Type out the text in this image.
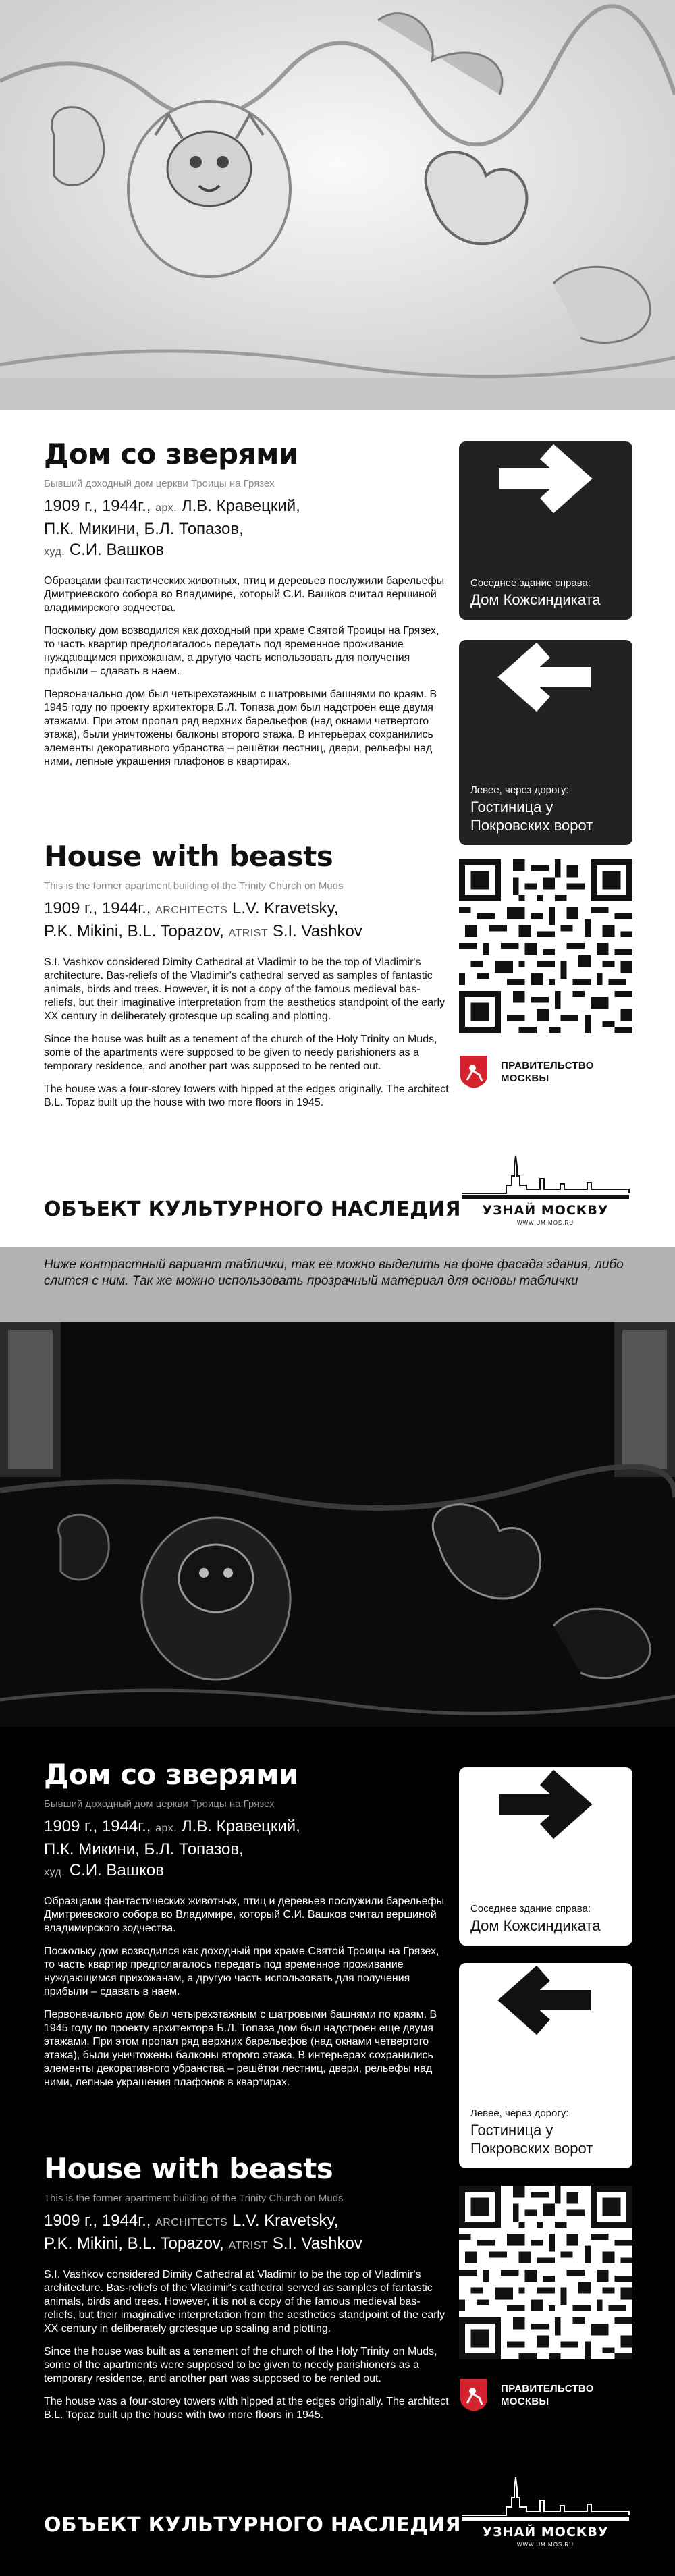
Дом со зверями
Бывший доходный дом церкви Троицы на Грязех
1909 г., 1944г., арх. Л.В. Кравецкий,
П.К. Микини, Б.Л. Топазов,
худ. С.И. Вашков

Образцами фантастических животных, птиц и деревьев послужили барельефы Дмитриевского собора во Владимире, который С.И. Вашков считал вершиной владимирского зодчества.

Поскольку дом возводился как доходный при храме Святой Троицы на Грязех, то часть квартир предполагалось передать под временное проживание нуждающимся прихожанам, а другую часть использовать для получения прибыли – сдавать в наем.

Первоначально дом был четырехэтажным с шатровыми башнями по краям. В 1945 году по проекту архитектора Б.Л. Топаза дом был надстроен еще двумя этажами. При этом пропал ряд верхних барельефов (над окнами четвертого этажа), были уничтожены балконы второго этажа. В интерьерах сохранились элементы декоративного убранства – решётки лестниц, двери, рельефы над ними, лепные украшения плафонов в квартирах.

House with beasts
This is the former apartment building of the Trinity Church on Muds
1909 г., 1944г., ARCHITECTS L.V. Kravetsky,
P.K. Mikini, B.L. Topazov, ATRIST S.I. Vashkov

S.I. Vashkov considered Dimity Cathedral at Vladimir to be the top of Vladimir's architecture. Bas-reliefs of the Vladimir's cathedral served as samples of fantastic animals, birds and trees. However, it is not a copy of the famous medieval bas-reliefs, but their imaginative interpretation from the aesthetics standpoint of the early XX century in deliberately grotesque up scaling and plotting.

Since the house was built as a tenement of the church of the Holy Trinity on Muds, some of the apartments were supposed to be given to needy parishioners as a temporary residence, and another part was supposed to be rented out.

The house was a four-storey towers with hipped at the edges originally. The architect B.L. Topaz built up the house with two more floors in 1945.

ОБЪЕКТ КУЛЬТУРНОГО НАСЛЕДИЯ
Соседнее здание справа:
Дом Кожсиндиката
Левее, через дорогу:
Гостиница у Покровских ворот
ПРАВИТЕЛЬСТВО
МОСКВЫ
УЗНАЙ МОСКВУ
WWW.UM.MOS.RU
Ниже контрастный вариант таблички, так её можно выделить на фоне фасада здания, либо слится с ним. Так же можно использовать прозрачный материал для основы таблички
Дом со зверями
Бывший доходный дом церкви Троицы на Грязех
1909 г., 1944г., арх. Л.В. Кравецкий,
П.К. Микини, Б.Л. Топазов,
худ. С.И. Вашков

Образцами фантастических животных, птиц и деревьев послужили барельефы Дмитриевского собора во Владимире, который С.И. Вашков считал вершиной владимирского зодчества.

Поскольку дом возводился как доходный при храме Святой Троицы на Грязех, то часть квартир предполагалось передать под временное проживание нуждающимся прихожанам, а другую часть использовать для получения прибыли – сдавать в наем.

Первоначально дом был четырехэтажным с шатровыми башнями по краям. В 1945 году по проекту архитектора Б.Л. Топаза дом был надстроен еще двумя этажами. При этом пропал ряд верхних барельефов (над окнами четвертого этажа), были уничтожены балконы второго этажа. В интерьерах сохранились элементы декоративного убранства – решётки лестниц, двери, рельефы над ними, лепные украшения плафонов в квартирах.

House with beasts
This is the former apartment building of the Trinity Church on Muds
1909 г., 1944г., ARCHITECTS L.V. Kravetsky,
P.K. Mikini, B.L. Topazov, ATRIST S.I. Vashkov

S.I. Vashkov considered Dimity Cathedral at Vladimir to be the top of Vladimir's architecture. Bas-reliefs of the Vladimir's cathedral served as samples of fantastic animals, birds and trees. However, it is not a copy of the famous medieval bas-reliefs, but their imaginative interpretation from the aesthetics standpoint of the early XX century in deliberately grotesque up scaling and plotting.

Since the house was built as a tenement of the church of the Holy Trinity on Muds, some of the apartments were supposed to be given to needy parishioners as a temporary residence, and another part was supposed to be rented out.

The house was a four-storey towers with hipped at the edges originally. The architect B.L. Topaz built up the house with two more floors in 1945.

ОБЪЕКТ КУЛЬТУРНОГО НАСЛЕДИЯ
Соседнее здание справа:
Дом Кожсиндиката
Левее, через дорогу:
Гостиница у Покровских ворот
ПРАВИТЕЛЬСТВО
МОСКВЫ
УЗНАЙ МОСКВУ
WWW.UM.MOS.RU
